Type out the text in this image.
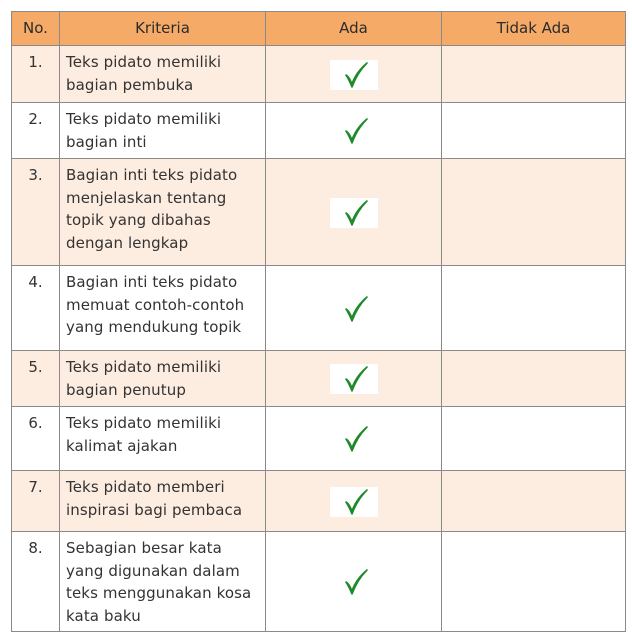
No.	Kriteria	Ada	Tidak Ada
1.	Teks pidato memiliki bagian pembuka	

2.	Teks pidato memiliki bagian inti	

3.	Bagian inti teks pidato menjelaskan tentang topik yang dibahas dengan lengkap	

4.	Bagian inti teks pidato memuat contoh-contoh yang mendukung topik	

5.	Teks pidato memiliki bagian penutup	

6.	Teks pidato memiliki kalimat ajakan	

7.	Teks pidato memberi inspirasi bagi pembaca	

8.	Sebagian besar kata yang digunakan dalam teks menggunakan kosa kata baku	
